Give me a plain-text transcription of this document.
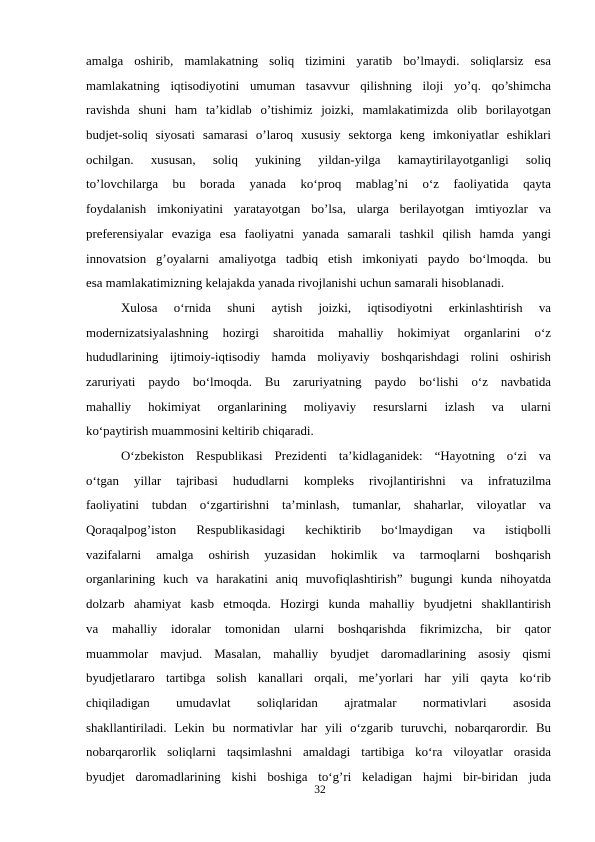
amalga oshirib, mamlakatning soliq tizimini yaratib bo’lmaydi. soliqlarsiz esa
mamlakatning iqtisodiyotini umuman tasavvur qilishning iloji yo’q. qo’shimcha
ravishda shuni ham ta’kidlab o’tishimiz joizki, mamlakatimizda olib borilayotgan
budjet-soliq siyosati samarasi o’laroq xususiy sektorga keng imkoniyatlar eshiklari
ochilgan. xususan, soliq yukining yildan-yilga kamaytirilayotganligi soliq
to’lovchilarga bu borada yanada ko‘proq mablag’ni o‘z faoliyatida qayta
foydalanish imkoniyatini yaratayotgan bo’lsa, ularga berilayotgan imtiyozlar va
preferensiyalar evaziga esa faoliyatni yanada samarali tashkil qilish hamda yangi
innovatsion g’oyalarni amaliyotga tadbiq etish imkoniyati paydo bo‘lmoqda. bu
esa mamlakatimizning kelajakda yanada rivojlanishi uchun samarali hisoblanadi.
Xulosa o‘rnida shuni aytish joizki, iqtisodiyotni erkinlashtirish va
modernizatsiyalashning hozirgi sharoitida mahalliy hokimiyat organlarini o‘z
hududlarining ijtimoiy-iqtisodiy hamda moliyaviy boshqarishdagi rolini oshirish
zaruriyati paydo bo‘lmoqda. Bu zaruriyatning paydo bo‘lishi o‘z navbatida
mahalliy hokimiyat organlarining moliyaviy resurslarni izlash va ularni
ko‘paytirish muammosini keltirib chiqaradi.
O‘zbekiston Respublikasi Prezidenti ta’kidlaganidek: “Hayotning o‘zi va
o‘tgan yillar tajribasi hududlarni kompleks rivojlantirishni va infratuzilma
faoliyatini tubdan o‘zgartirishni ta’minlash, tumanlar, shaharlar, viloyatlar va
Qoraqalpog’iston Respublikasidagi kechiktirib bo‘lmaydigan va istiqbolli
vazifalarni amalga oshirish yuzasidan hokimlik va tarmoqlarni boshqarish
organlarining kuch va harakatini aniq muvofiqlashtirish” bugungi kunda nihoyatda
dolzarb ahamiyat kasb etmoqda. Hozirgi kunda mahalliy byudjetni shakllantirish
va mahalliy idoralar tomonidan ularni boshqarishda fikrimizcha, bir qator
muammolar mavjud. Masalan, mahalliy byudjet daromadlarining asosiy qismi
byudjetlararo tartibga solish kanallari orqali, me’yorlari har yili qayta ko‘rib
chiqiladigan umudavlat soliqlaridan ajratmalar normativlari asosida
shakllantiriladi. Lekin bu normativlar har yili o‘zgarib turuvchi, nobarqarordir. Bu
nobarqarorlik soliqlarni taqsimlashni amaldagi tartibiga ko‘ra viloyatlar orasida
byudjet daromadlarining kishi boshiga to‘g’ri keladigan hajmi bir-biridan juda
32
